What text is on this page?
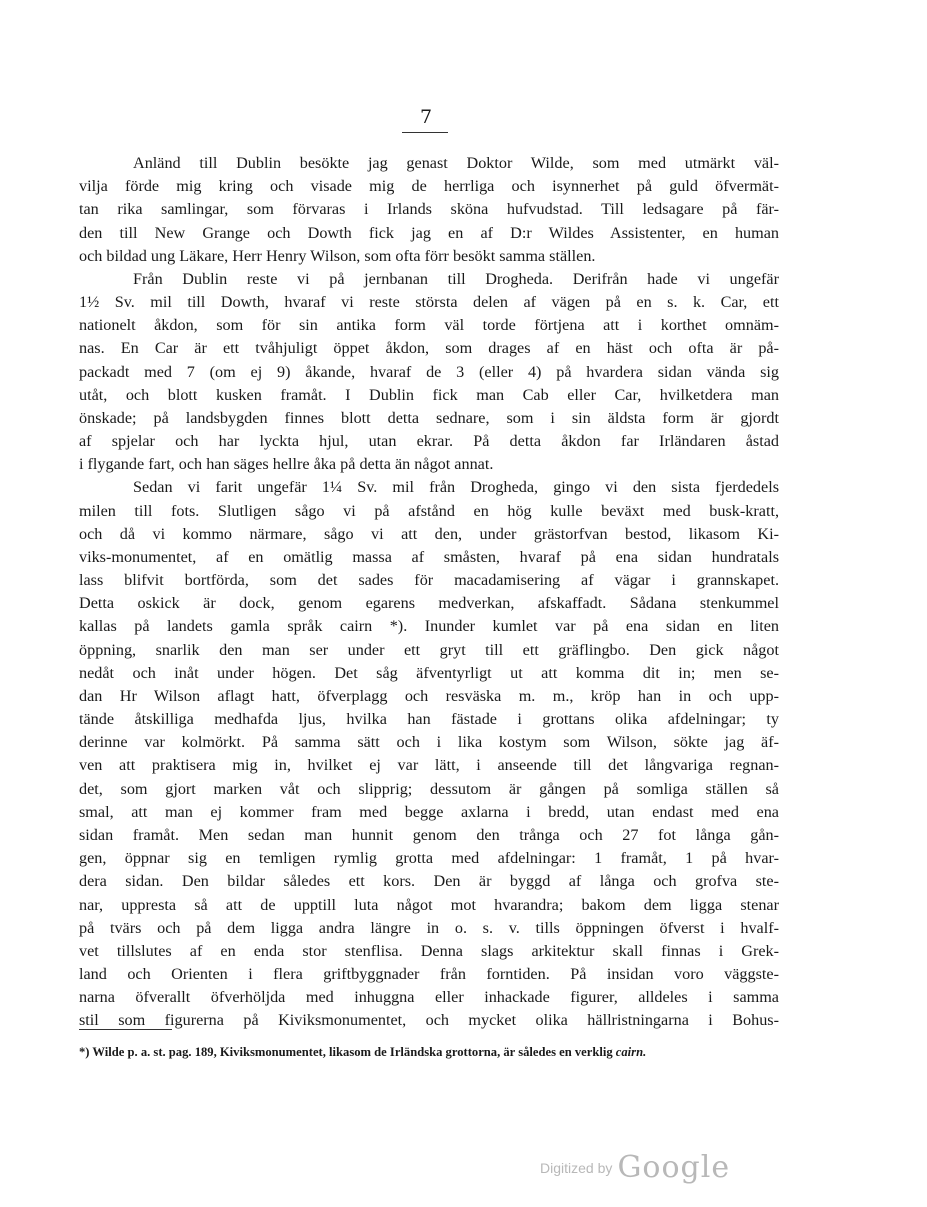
7
Anländ till Dublin besökte jag genast Doktor Wilde, som med utmärkt väl-
vilja förde mig kring och visade mig de herrliga och isynnerhet på guld öfvermät-
tan rika samlingar, som förvaras i Irlands sköna hufvudstad. Till ledsagare på fär-
den till New Grange och Dowth fick jag en af D:r Wildes Assistenter, en human
och bildad ung Läkare, Herr Henry Wilson, som ofta förr besökt samma ställen.
Från Dublin reste vi på jernbanan till Drogheda. Derifrån hade vi ungefär
1½ Sv. mil till Dowth, hvaraf vi reste största delen af vägen på en s. k. Car, ett
nationelt åkdon, som för sin antika form väl torde förtjena att i korthet omnäm-
nas. En Car är ett tvåhjuligt öppet åkdon, som drages af en häst och ofta är på-
packadt med 7 (om ej 9) åkande, hvaraf de 3 (eller 4) på hvardera sidan vända sig
utåt, och blott kusken framåt. I Dublin fick man Cab eller Car, hvilketdera man
önskade; på landsbygden finnes blott detta sednare, som i sin äldsta form är gjordt
af spjelar och har lyckta hjul, utan ekrar. På detta åkdon far Irländaren åstad
i flygande fart, och han säges hellre åka på detta än något annat.
Sedan vi farit ungefär 1¼ Sv. mil från Drogheda, gingo vi den sista fjerdedels
milen till fots. Slutligen sågo vi på afstånd en hög kulle beväxt med busk-kratt,
och då vi kommo närmare, sågo vi att den, under grästorfvan bestod, likasom Ki-
viks-monumentet, af en omätlig massa af småsten, hvaraf på ena sidan hundratals
lass blifvit bortförda, som det sades för macadamisering af vägar i grannskapet.
Detta oskick är dock, genom egarens medverkan, afskaffadt. Sådana stenkummel
kallas på landets gamla språk cairn *). Inunder kumlet var på ena sidan en liten
öppning, snarlik den man ser under ett gryt till ett gräflingbo. Den gick något
nedåt och inåt under högen. Det såg äfventyrligt ut att komma dit in; men se-
dan Hr Wilson aflagt hatt, öfverplagg och resväska m. m., kröp han in och upp-
tände åtskilliga medhafda ljus, hvilka han fästade i grottans olika afdelningar; ty
derinne var kolmörkt. På samma sätt och i lika kostym som Wilson, sökte jag äf-
ven att praktisera mig in, hvilket ej var lätt, i anseende till det långvariga regnan-
det, som gjort marken våt och slipprig; dessutom är gången på somliga ställen så
smal, att man ej kommer fram med begge axlarna i bredd, utan endast med ena
sidan framåt. Men sedan man hunnit genom den trånga och 27 fot långa gån-
gen, öppnar sig en temligen rymlig grotta med afdelningar: 1 framåt, 1 på hvar-
dera sidan. Den bildar således ett kors. Den är byggd af långa och grofva ste-
nar, uppresta så att de upptill luta något mot hvarandra; bakom dem ligga stenar
på tvärs och på dem ligga andra längre in o. s. v. tills öppningen öfverst i hvalf-
vet tillslutes af en enda stor stenflisa. Denna slags arkitektur skall finnas i Grek-
land och Orienten i flera griftbyggnader från forntiden. På insidan voro väggste-
narna öfverallt öfverhöljda med inhuggna eller inhackade figurer, alldeles i samma
stil som figurerna på Kiviksmonumentet, och mycket olika hällristningarna i Bohus-
*) Wilde p. a. st. pag. 189, Kiviksmonumentet, likasom de Irländska grottorna, är således en verklig cairn.
Digitized by Google
